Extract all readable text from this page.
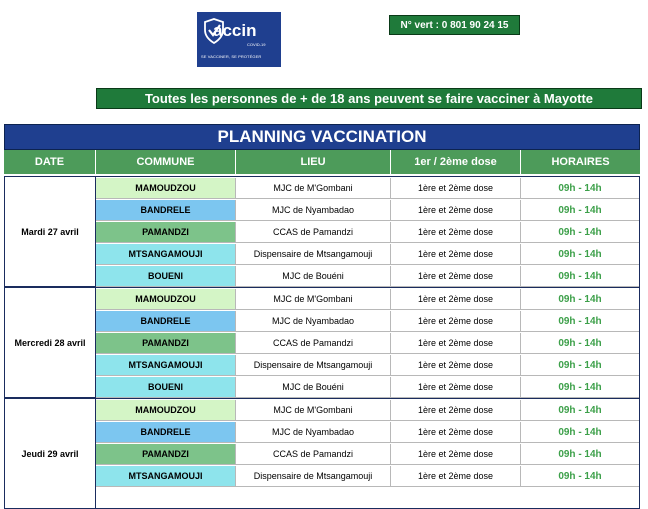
accin
COVID-19
SE VACCINER, SE PROTÉGER
N° vert : 0 801 90 24 15
Toutes les personnes de + de 18 ans peuvent se faire vacciner à Mayotte
PLANNING VACCINATION
DATE	COMMUNE	LIEU	1er / 2ème dose	HORAIRES
Mardi 27 avril
MAMOUDZOU	MJC de M'Gombani	1ère et 2ème dose	09h - 14h
BANDRELE	MJC de Nyambadao	1ère et 2ème dose	09h - 14h
PAMANDZI	CCAS de Pamandzi	1ère et 2ème dose	09h - 14h
MTSANGAMOUJI	Dispensaire de Mtsangamouji	1ère et 2ème dose	09h - 14h
BOUENI	MJC de Bouéni	1ère et 2ème dose	09h - 14h
Mercredi 28 avril
MAMOUDZOU	MJC de M'Gombani	1ère et 2ème dose	09h - 14h
BANDRELE	MJC de Nyambadao	1ère et 2ème dose	09h - 14h
PAMANDZI	CCAS de Pamandzi	1ère et 2ème dose	09h - 14h
MTSANGAMOUJI	Dispensaire de Mtsangamouji	1ère et 2ème dose	09h - 14h
BOUENI	MJC de Bouéni	1ère et 2ème dose	09h - 14h
Jeudi 29 avril
MAMOUDZOU	MJC de M'Gombani	1ère et 2ème dose	09h - 14h
BANDRELE	MJC de Nyambadao	1ère et 2ème dose	09h - 14h
PAMANDZI	CCAS de Pamandzi	1ère et 2ème dose	09h - 14h
MTSANGAMOUJI	Dispensaire de Mtsangamouji	1ère et 2ème dose	09h - 14h
